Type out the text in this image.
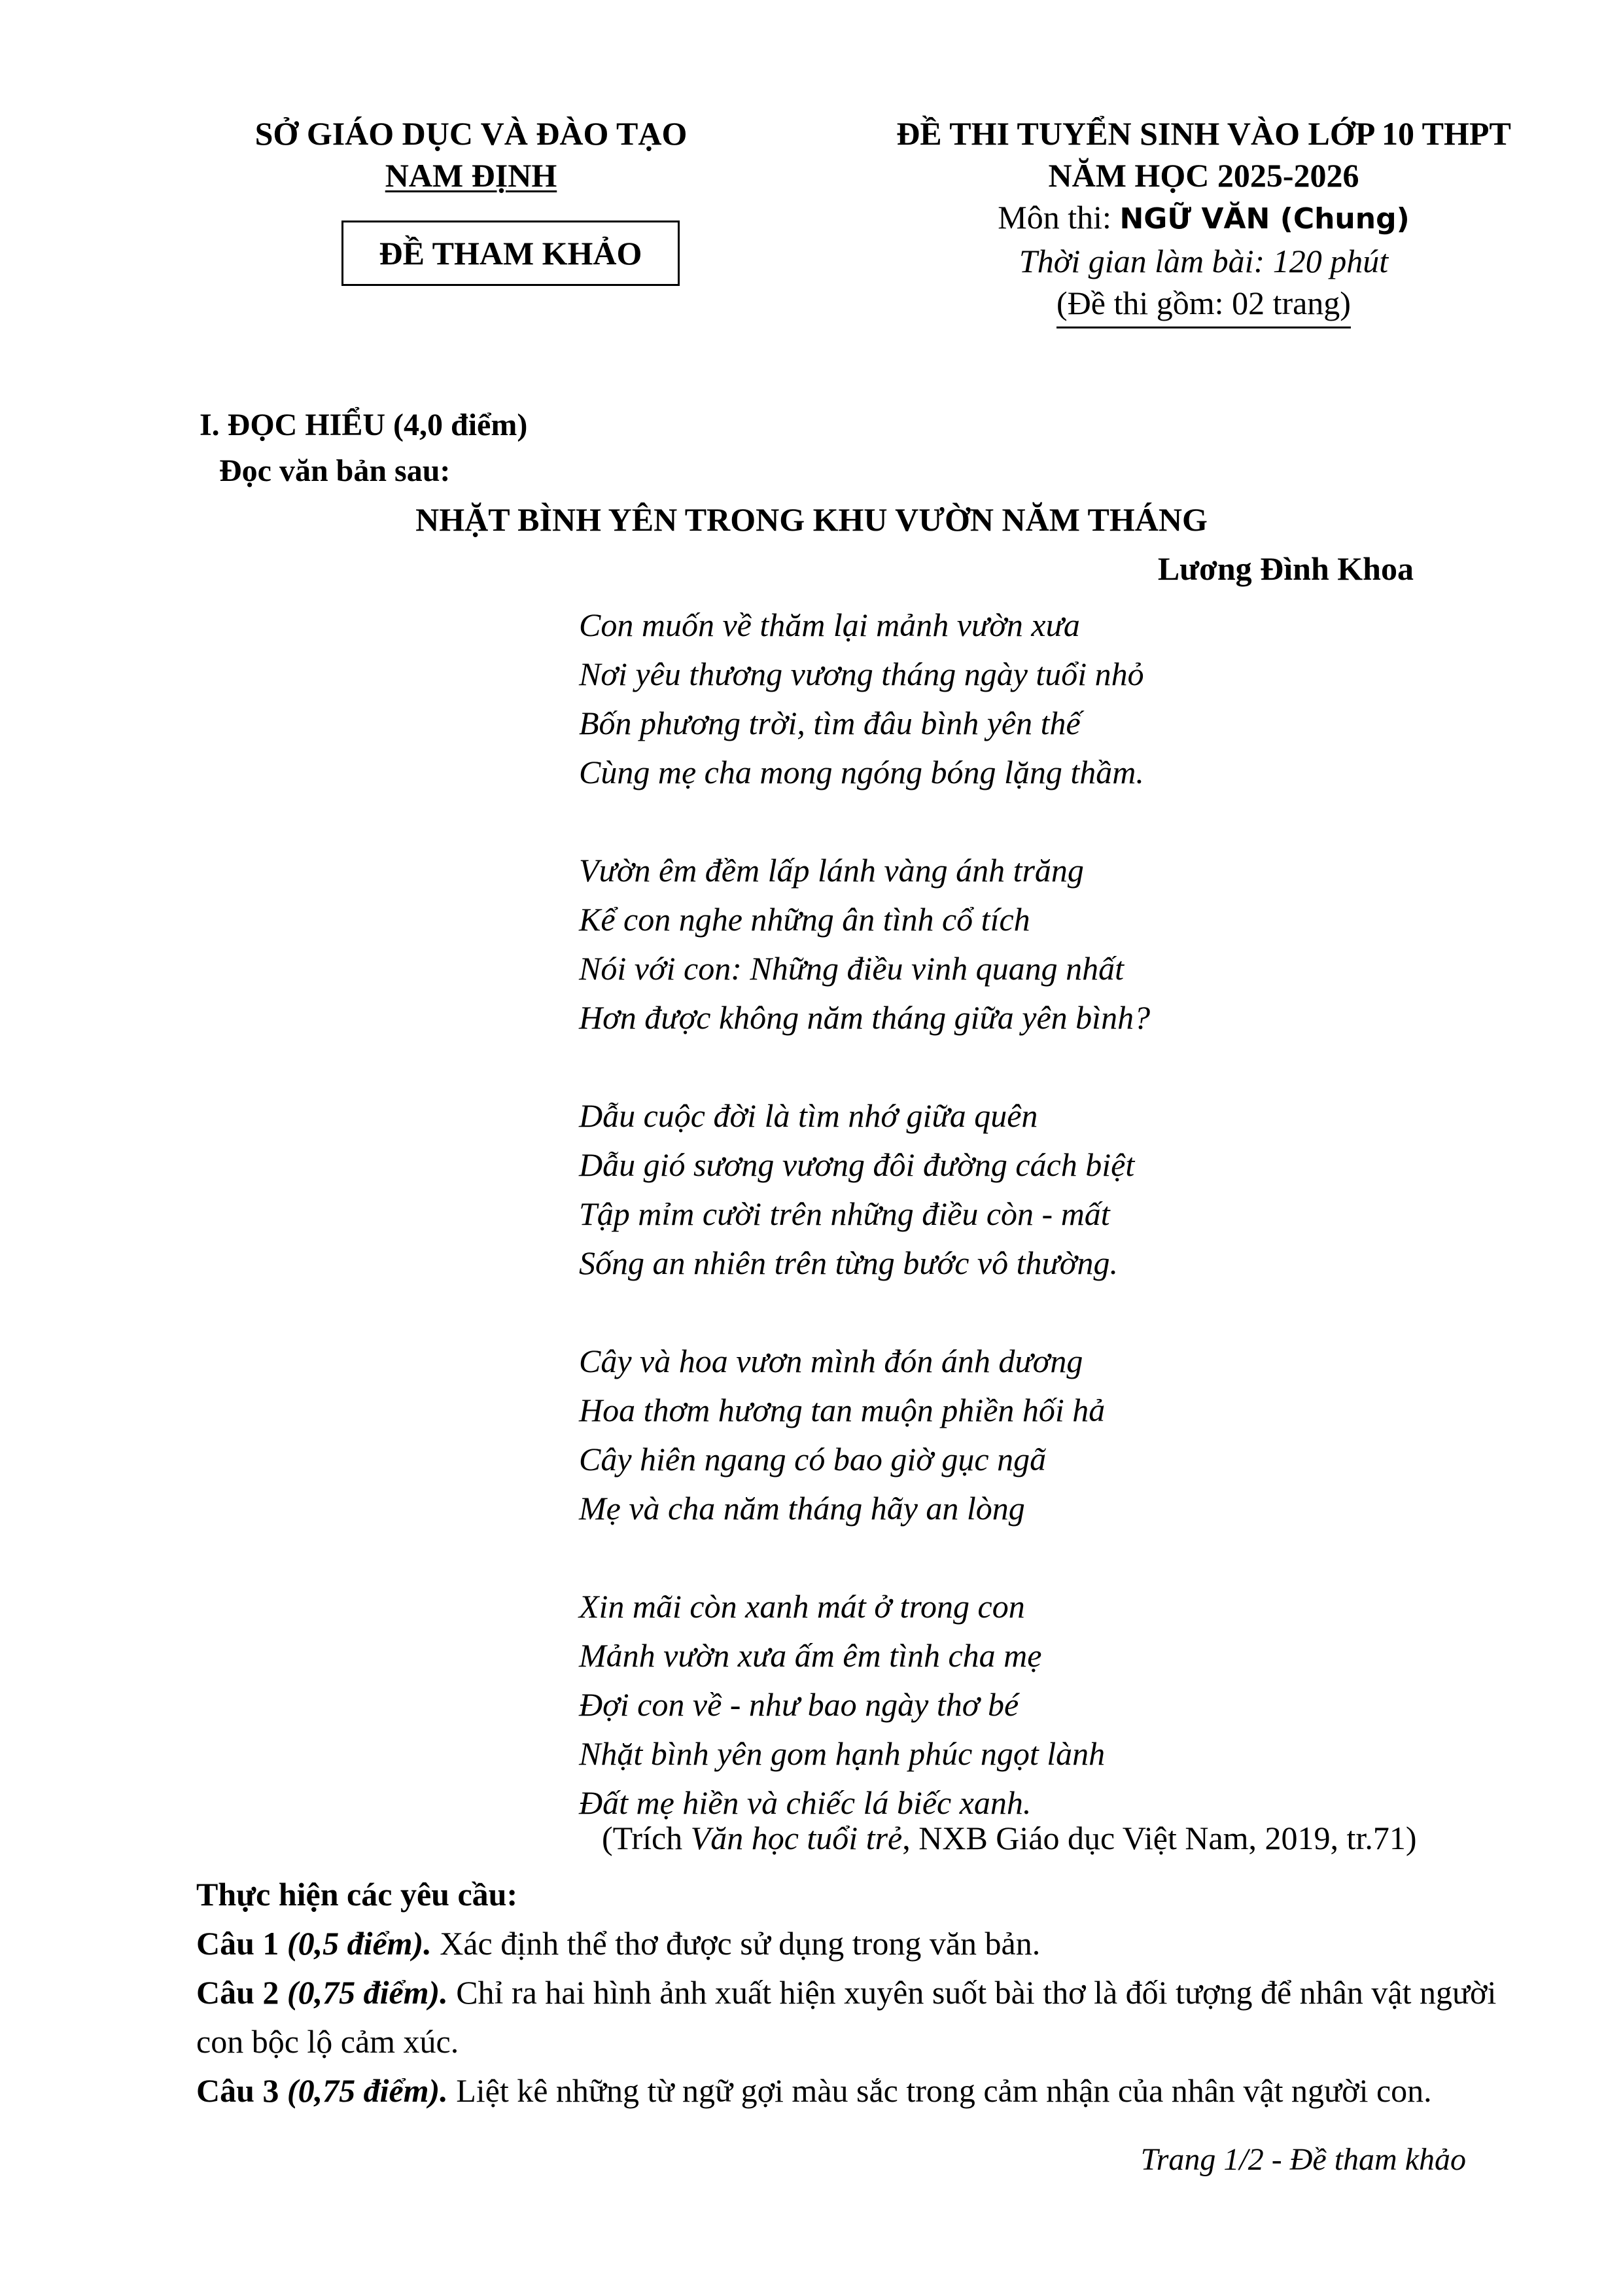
SỞ GIÁO DỤC VÀ ĐÀO TẠO
NAM ĐỊNH
ĐỀ THAM KHẢO
ĐỀ THI TUYỂN SINH VÀO LỚP 10 THPT
NĂM HỌC 2025-2026
Môn thi: NGỮ VĂN (Chung)
Thời gian làm bài: 120 phút
(Đề thi gồm: 02 trang)
I. ĐỌC HIỂU (4,0 điểm)
Đọc văn bản sau:
NHẶT BÌNH YÊN TRONG KHU VƯỜN NĂM THÁNG
Lương Đình Khoa
Con muốn về thăm lại mảnh vườn xưa
Nơi yêu thương vương tháng ngày tuổi nhỏ
Bốn phương trời, tìm đâu bình yên thế
Cùng mẹ cha mong ngóng bóng lặng thầm.
Vườn êm đềm lấp lánh vàng ánh trăng
Kể con nghe những ân tình cổ tích
Nói với con: Những điều vinh quang nhất
Hơn được không năm tháng giữa yên bình?
Dẫu cuộc đời là tìm nhớ giữa quên
Dẫu gió sương vương đôi đường cách biệt
Tập mỉm cười trên những điều còn - mất
Sống an nhiên trên từng bước vô thường.
Cây và hoa vươn mình đón ánh dương
Hoa thơm hương tan muộn phiền hối hả
Cây hiên ngang có bao giờ gục ngã
Mẹ và cha năm tháng hãy an lòng
Xin mãi còn xanh mát ở trong con
Mảnh vườn xưa ấm êm tình cha mẹ
Đợi con về - như bao ngày thơ bé
Nhặt bình yên gom hạnh phúc ngọt lành
Đất mẹ hiền và chiếc lá biếc xanh.
(Trích Văn học tuổi trẻ, NXB Giáo dục Việt Nam, 2019, tr.71)
Thực hiện các yêu cầu:
Câu 1 (0,5 điểm). Xác định thể thơ được sử dụng trong văn bản.
Câu 2 (0,75 điểm). Chỉ ra hai hình ảnh xuất hiện xuyên suốt bài thơ là đối tượng để nhân vật người con bộc lộ cảm xúc.
Câu 3 (0,75 điểm). Liệt kê những từ ngữ gợi màu sắc trong cảm nhận của nhân vật người con.
Trang 1/2 - Đề tham khảo
